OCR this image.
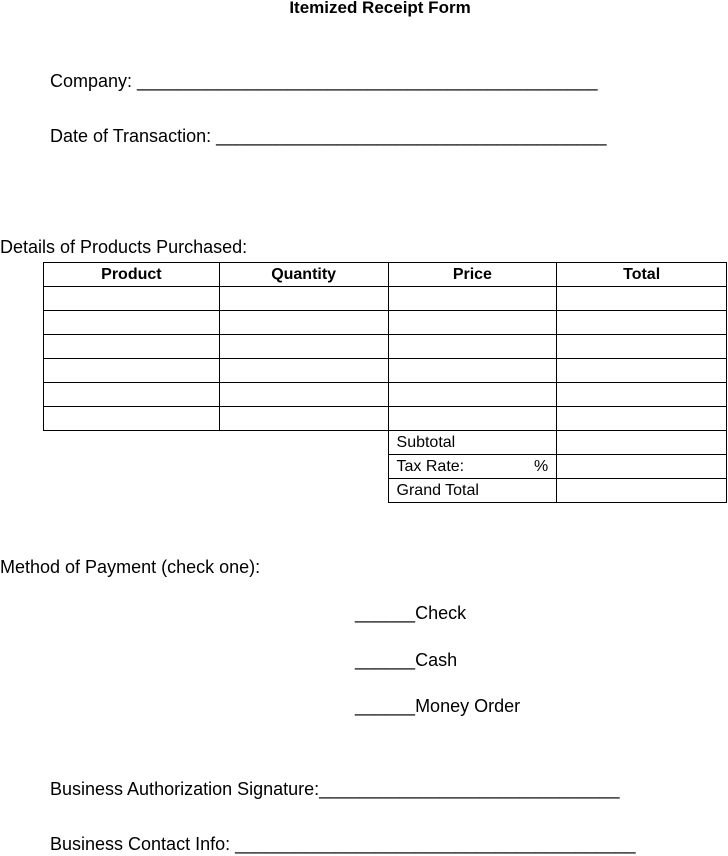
Itemized Receipt Form
Company: ______________________________________________
Date of Transaction: _______________________________________
Details of Products Purchased:
Product	Quantity	Price	Total

		Subtotal	

		Tax Rate: %	

		Grand Total	
Method of Payment (check one):
______Check
______Cash
______Money Order
Business Authorization Signature:______________________________
Business Contact Info: ________________________________________
